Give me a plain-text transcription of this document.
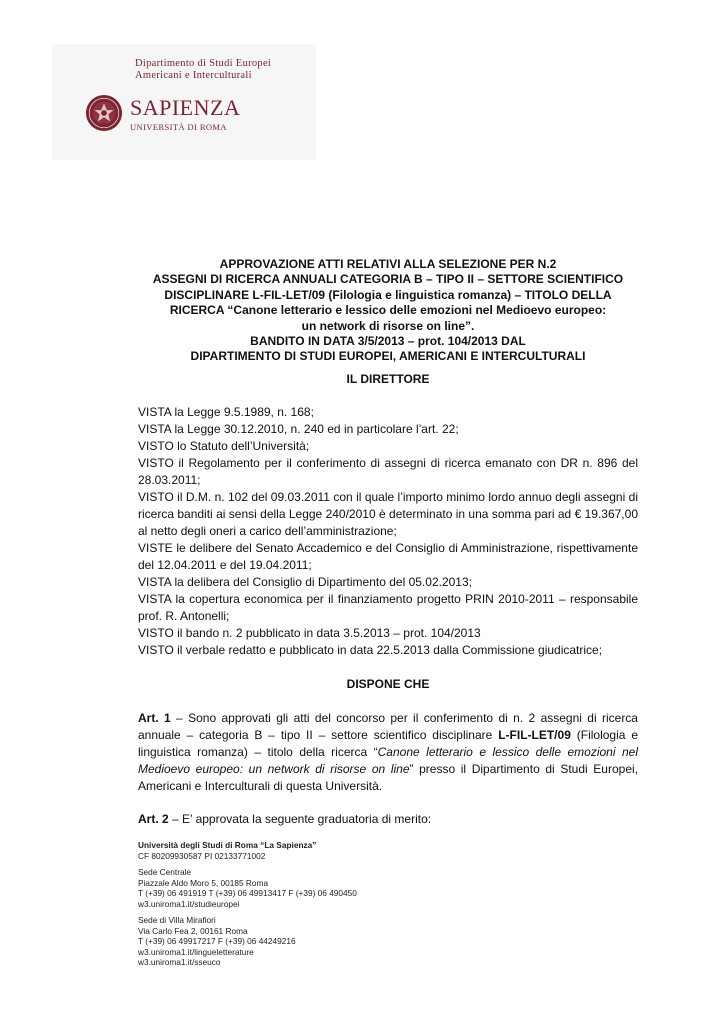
Dipartimento di Studi Europei
Americani e Interculturali
SAPIENZA
UNIVERSITÀ DI ROMA
APPROVAZIONE ATTI RELATIVI ALLA SELEZIONE PER N.2
ASSEGNI DI RICERCA ANNUALI CATEGORIA B – TIPO II – SETTORE SCIENTIFICO
DISCIPLINARE L-FIL-LET/09 (Filologia e linguistica romanza) – TITOLO DELLA
RICERCA “Canone letterario e lessico delle emozioni nel Medioevo europeo:
un network di risorse on line”.
BANDITO IN DATA 3/5/2013 – prot. 104/2013 DAL
DIPARTIMENTO DI STUDI EUROPEI, AMERICANI E INTERCULTURALI
IL DIRETTORE

VISTA la Legge 9.5.1989, n. 168;

VISTA la Legge 30.12.2010, n. 240 ed in particolare l’art. 22;

VISTO lo Statuto dell’Università;

VISTO il Regolamento per il conferimento di assegni di ricerca emanato con DR n. 896 del 28.03.2011;

VISTO il D.M. n. 102 del 09.03.2011 con il quale l’importo minimo lordo annuo degli assegni di ricerca banditi ai sensi della Legge 240/2010 è determinato in una somma pari ad € 19.367,00 al netto degli oneri a carico dell’amministrazione;

VISTE le delibere del Senato Accademico e del Consiglio di Amministrazione, rispettivamente del 12.04.2011 e del 19.04.2011;

VISTA la delibera del Consiglio di Dipartimento del 05.02.2013;

VISTA la copertura economica per il finanziamento progetto PRIN 2010-2011 – responsabile prof. R. Antonelli;

VISTO il bando n. 2 pubblicato in data 3.5.2013 – prot. 104/2013

VISTO il verbale redatto e pubblicato in data 22.5.2013 dalla Commissione giudicatrice;

DISPONE CHE
Art. 1 – Sono approvati gli atti del concorso per il conferimento di n. 2 assegni di ricerca annuale – categoria B – tipo II – settore scientifico disciplinare L-FIL-LET/09 (Filologia e linguistica romanza) – titolo della ricerca “Canone letterario e lessico delle emozioni nel Medioevo europeo: un network di risorse on line” presso il Dipartimento di Studi Europei, Americani e Interculturali di questa Università.
Art. 2 – E’ approvata la seguente graduatoria di merito:
Università degli Studi di Roma “La Sapienza”
CF 80209930587 PI 02133771002
Sede Centrale
Piazzale Aldo Moro 5, 00185 Roma
T (+39) 06 491919 T (+39) 06 49913417 F (+39) 06 490450
w3.uniroma1.it/studieuropei
Sede di Villa Mirafiori
Via Carlo Fea 2, 00161 Roma
T (+39) 06 49917217 F (+39) 06 44249216
w3.uniroma1.it/lingueletterature
w3.uniroma1.it/sseuco
